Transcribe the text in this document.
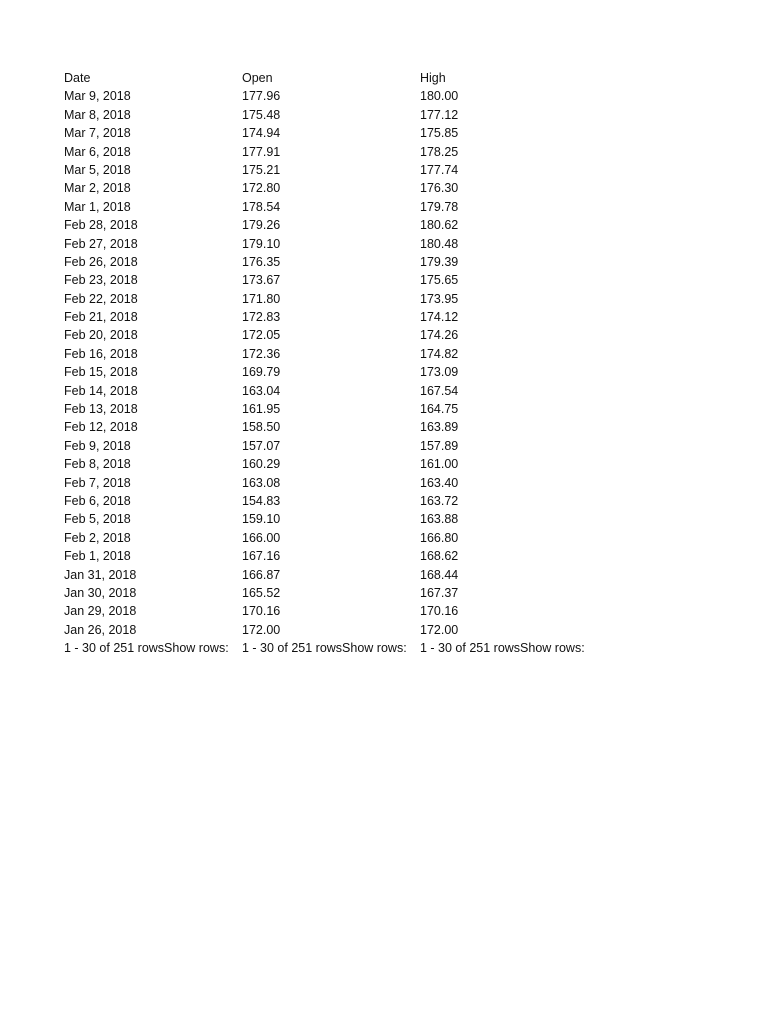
Date	Open	High
Mar 9, 2018	177.96	180.00
Mar 8, 2018	175.48	177.12
Mar 7, 2018	174.94	175.85
Mar 6, 2018	177.91	178.25
Mar 5, 2018	175.21	177.74
Mar 2, 2018	172.80	176.30
Mar 1, 2018	178.54	179.78
Feb 28, 2018	179.26	180.62
Feb 27, 2018	179.10	180.48
Feb 26, 2018	176.35	179.39
Feb 23, 2018	173.67	175.65
Feb 22, 2018	171.80	173.95
Feb 21, 2018	172.83	174.12
Feb 20, 2018	172.05	174.26
Feb 16, 2018	172.36	174.82
Feb 15, 2018	169.79	173.09
Feb 14, 2018	163.04	167.54
Feb 13, 2018	161.95	164.75
Feb 12, 2018	158.50	163.89
Feb 9, 2018	157.07	157.89
Feb 8, 2018	160.29	161.00
Feb 7, 2018	163.08	163.40
Feb 6, 2018	154.83	163.72
Feb 5, 2018	159.10	163.88
Feb 2, 2018	166.00	166.80
Feb 1, 2018	167.16	168.62
Jan 31, 2018	166.87	168.44
Jan 30, 2018	165.52	167.37
Jan 29, 2018	170.16	170.16
Jan 26, 2018	172.00	172.00
1 - 30 of 251 rowsShow rows:	1 - 30 of 251 rowsShow rows:	1 - 30 of 251 rowsShow rows:
